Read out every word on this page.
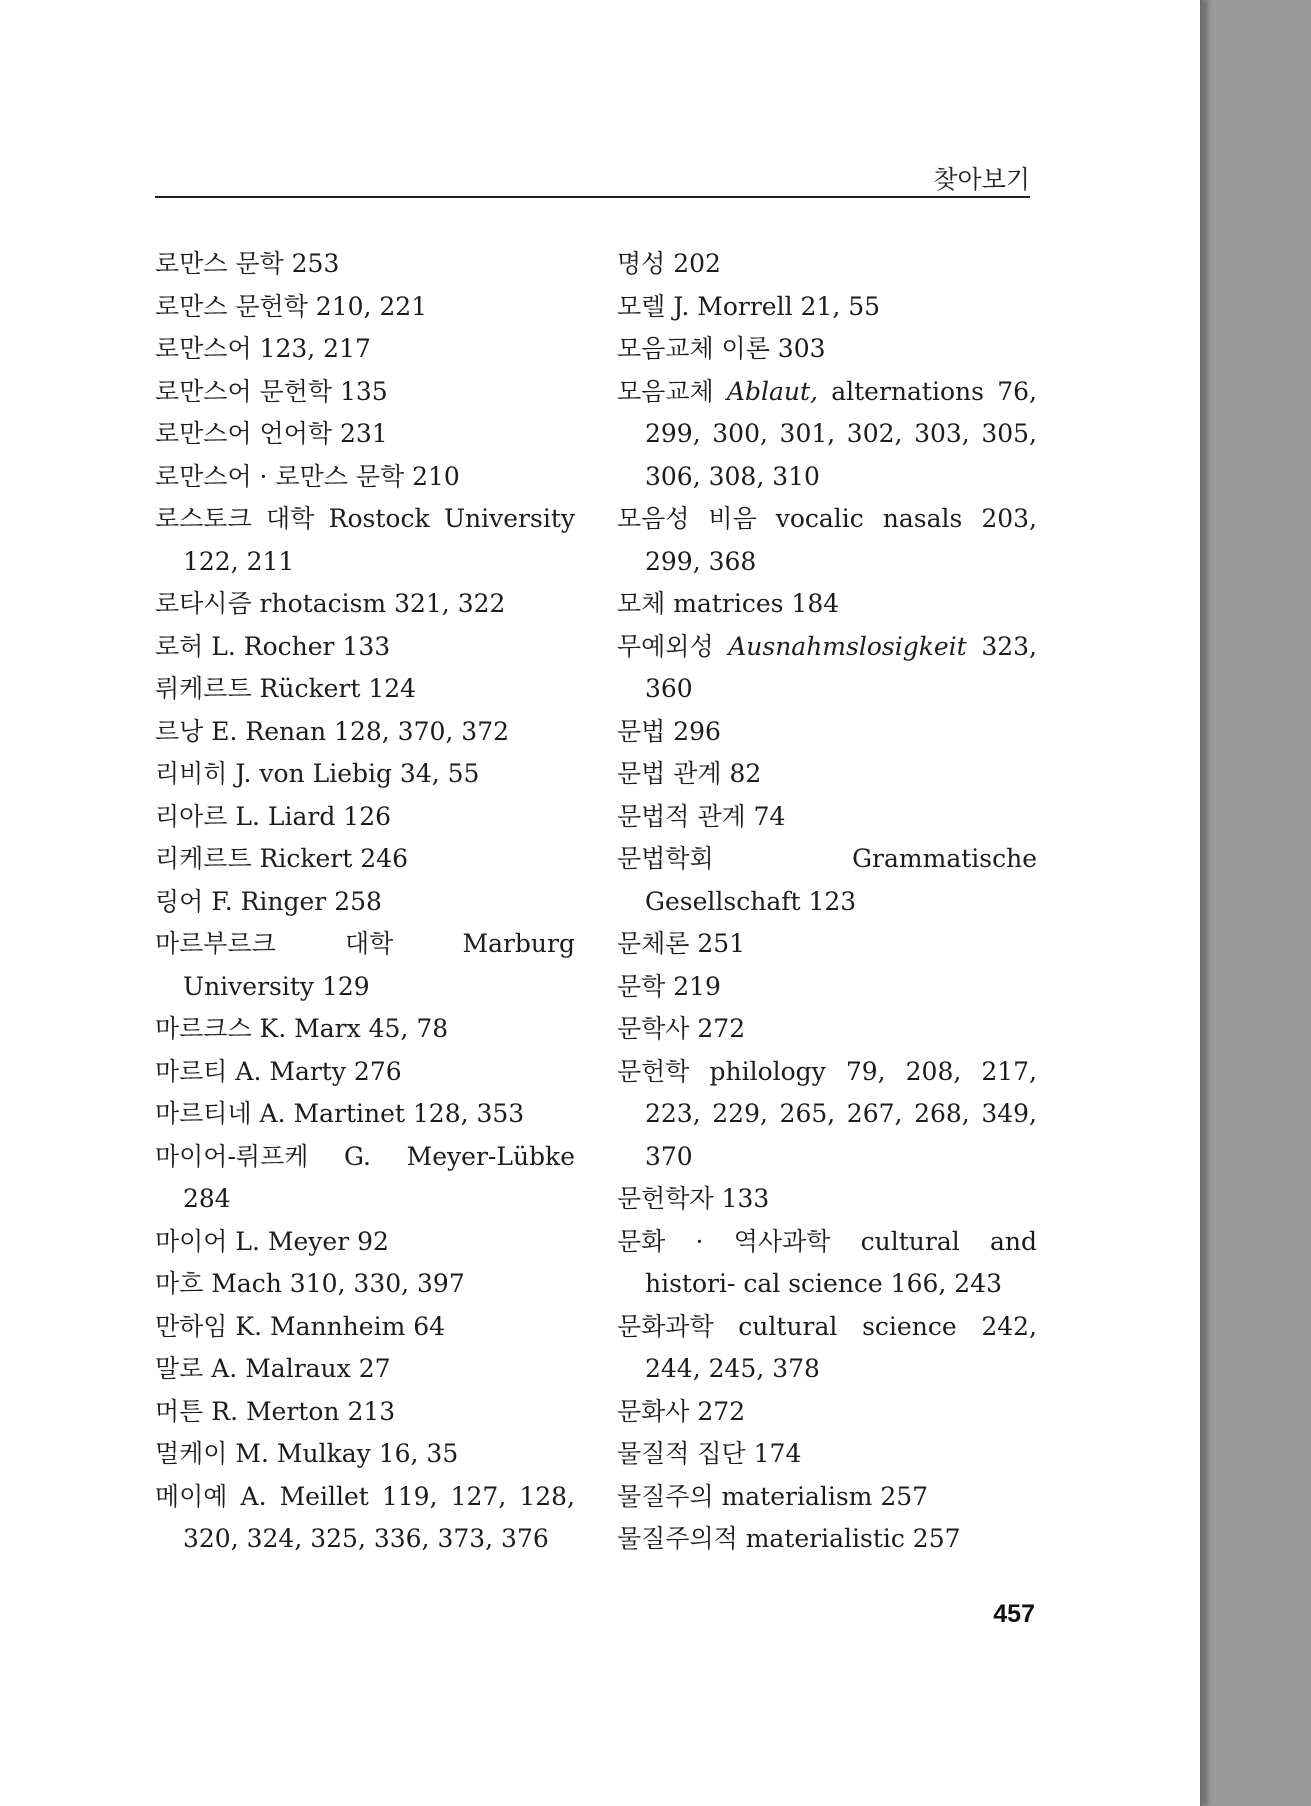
찾아보기

로만스 문학 253

로만스 문헌학 210, 221

로만스어 123, 217

로만스어 문헌학 135

로만스어 언어학 231

로만스어 · 로만스 문학 210

로스토크 대학 Rostock University 122, 211

로타시즘 rhotacism 321, 322

로허 L. Rocher 133

뤼케르트 Rückert 124

르낭 E. Renan 128, 370, 372

리비히 J. von Liebig 34, 55

리아르 L. Liard 126

리케르트 Rickert 246

링어 F. Ringer 258

마르부르크 대학 Marburg University 129

마르크스 K. Marx 45, 78

마르티 A. Marty 276

마르티네 A. Martinet 128, 353

마이어-뤼프케 G. Meyer-Lübke 284

마이어 L. Meyer 92

마흐 Mach 310, 330, 397

만하임 K. Mannheim 64

말로 A. Malraux 27

머튼 R. Merton 213

멀케이 M. Mulkay 16, 35

메이예 A. Meillet 119, 127, 128, 320, 324, 325, 336, 373, 376

명성 202

모렐 J. Morrell 21, 55

모음교체 이론 303

모음교체 Ablaut, alternations 76, 299, 300, 301, 302, 303, 305, 306, 308, 310

모음성 비음 vocalic nasals 203, 299, 368

모체 matrices 184

무예외성 Ausnahmslosigkeit 323, 360

문법 296

문법 관계 82

문법적 관계 74

문법학회 Grammatische Gesellschaft 123

문체론 251

문학 219

문학사 272

문헌학 philology 79, 208, 217, 223, 229, 265, 267, 268, 349, 370

문헌학자 133

문화 · 역사과학 cultural and histori- cal science 166, 243

문화과학 cultural science 242, 244, 245, 378

문화사 272

물질적 집단 174

물질주의 materialism 257

물질주의적 materialistic 257

457
